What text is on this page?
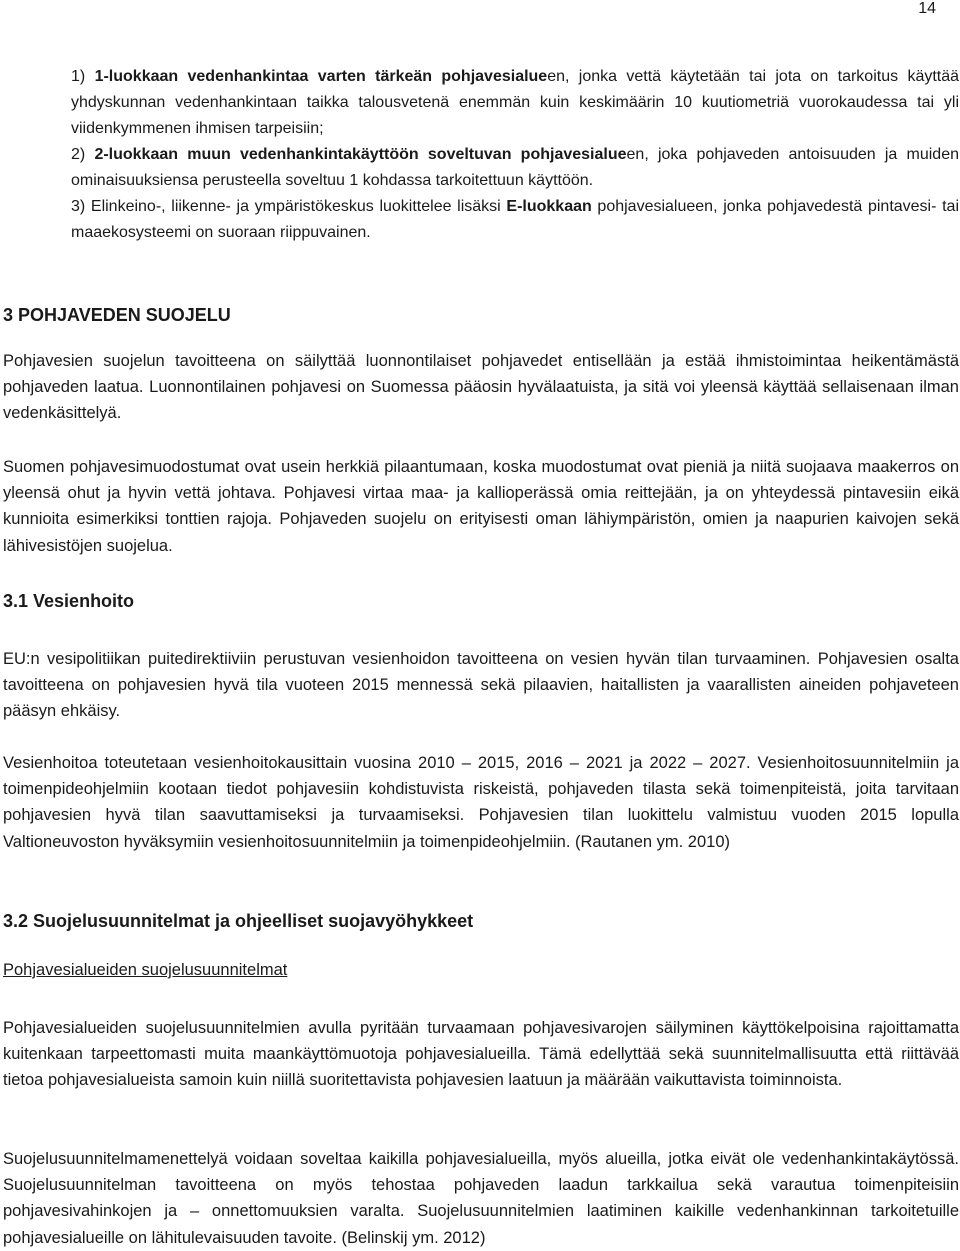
14

1) 1-luokkaan vedenhankintaa varten tärkeän pohjavesialueen, jonka vettä käytetään tai jota on tarkoitus käyttää yhdyskunnan vedenhankintaan taikka talousvetenä enemmän kuin keskimäärin 10 kuutiometriä vuorokaudessa tai yli viidenkymmenen ihmisen tarpeisiin;

2) 2-luokkaan muun vedenhankintakäyttöön soveltuvan pohjavesialueen, joka pohjaveden antoisuuden ja muiden ominaisuuksiensa perusteella soveltuu 1 kohdassa tarkoitettuun käyttöön.

3) Elinkeino-, liikenne- ja ympäristökeskus luokittelee lisäksi E-luokkaan pohjavesialueen, jonka pohjavedestä pintavesi- tai maaekosysteemi on suoraan riippuvainen.

3 POHJAVEDEN SUOJELU

Pohjavesien suojelun tavoitteena on säilyttää luonnontilaiset pohjavedet entisellään ja estää ihmistoimintaa heikentämästä pohjaveden laatua. Luonnontilainen pohjavesi on Suomessa pääosin hyvälaatuista, ja sitä voi yleensä käyttää sellaisenaan ilman vedenkäsittelyä.

Suomen pohjavesimuodostumat ovat usein herkkiä pilaantumaan, koska muodostumat ovat pieniä ja niitä suojaava maakerros on yleensä ohut ja hyvin vettä johtava. Pohjavesi virtaa maa- ja kallioperässä omia reittejään, ja on yhteydessä pintavesiin eikä kunnioita esimerkiksi tonttien rajoja. Pohjaveden suojelu on erityisesti oman lähiympäristön, omien ja naapurien kaivojen sekä lähivesistöjen suojelua.

3.1 Vesienhoito

EU:n vesipolitiikan puitedirektiiviin perustuvan vesienhoidon tavoitteena on vesien hyvän tilan turvaaminen. Pohjavesien osalta tavoitteena on pohjavesien hyvä tila vuoteen 2015 mennessä sekä pilaavien, haitallisten ja vaarallisten aineiden pohjaveteen pääsyn ehkäisy.

Vesienhoitoa toteutetaan vesienhoitokausittain vuosina 2010 – 2015, 2016 – 2021 ja 2022 – 2027. Vesienhoitosuunnitelmiin ja toimenpideohjelmiin kootaan tiedot pohjavesiin kohdistuvista riskeistä, pohjaveden tilasta sekä toimenpiteistä, joita tarvitaan pohjavesien hyvä tilan saavuttamiseksi ja turvaamiseksi. Pohjavesien tilan luokittelu valmistuu vuoden 2015 lopulla Valtioneuvoston hyväksymiin vesienhoitosuunnitelmiin ja toimenpideohjelmiin. (Rautanen ym. 2010)

3.2 Suojelusuunnitelmat ja ohjeelliset suojavyöhykkeet
Pohjavesialueiden suojelusuunnitelmat

Pohjavesialueiden suojelusuunnitelmien avulla pyritään turvaamaan pohjavesivarojen säilyminen käyttökelpoisina rajoittamatta kuitenkaan tarpeettomasti muita maankäyttömuotoja pohjavesialueilla. Tämä edellyttää sekä suunnitelmallisuutta että riittävää tietoa pohjavesialueista samoin kuin niillä suoritettavista pohjavesien laatuun ja määrään vaikuttavista toiminnoista.

Suojelusuunnitelmamenettelyä voidaan soveltaa kaikilla pohjavesialueilla, myös alueilla, jotka eivät ole vedenhankintakäytössä. Suojelusuunnitelman tavoitteena on myös tehostaa pohjaveden laadun tarkkailua sekä varautua toimenpiteisiin pohjavesivahinkojen ja – onnettomuuksien varalta. Suojelusuunnitelmien laatiminen kaikille vedenhankinnan tarkoitetuille pohjavesialueille on lähitulevaisuuden tavoite. (Belinskij ym. 2012)
